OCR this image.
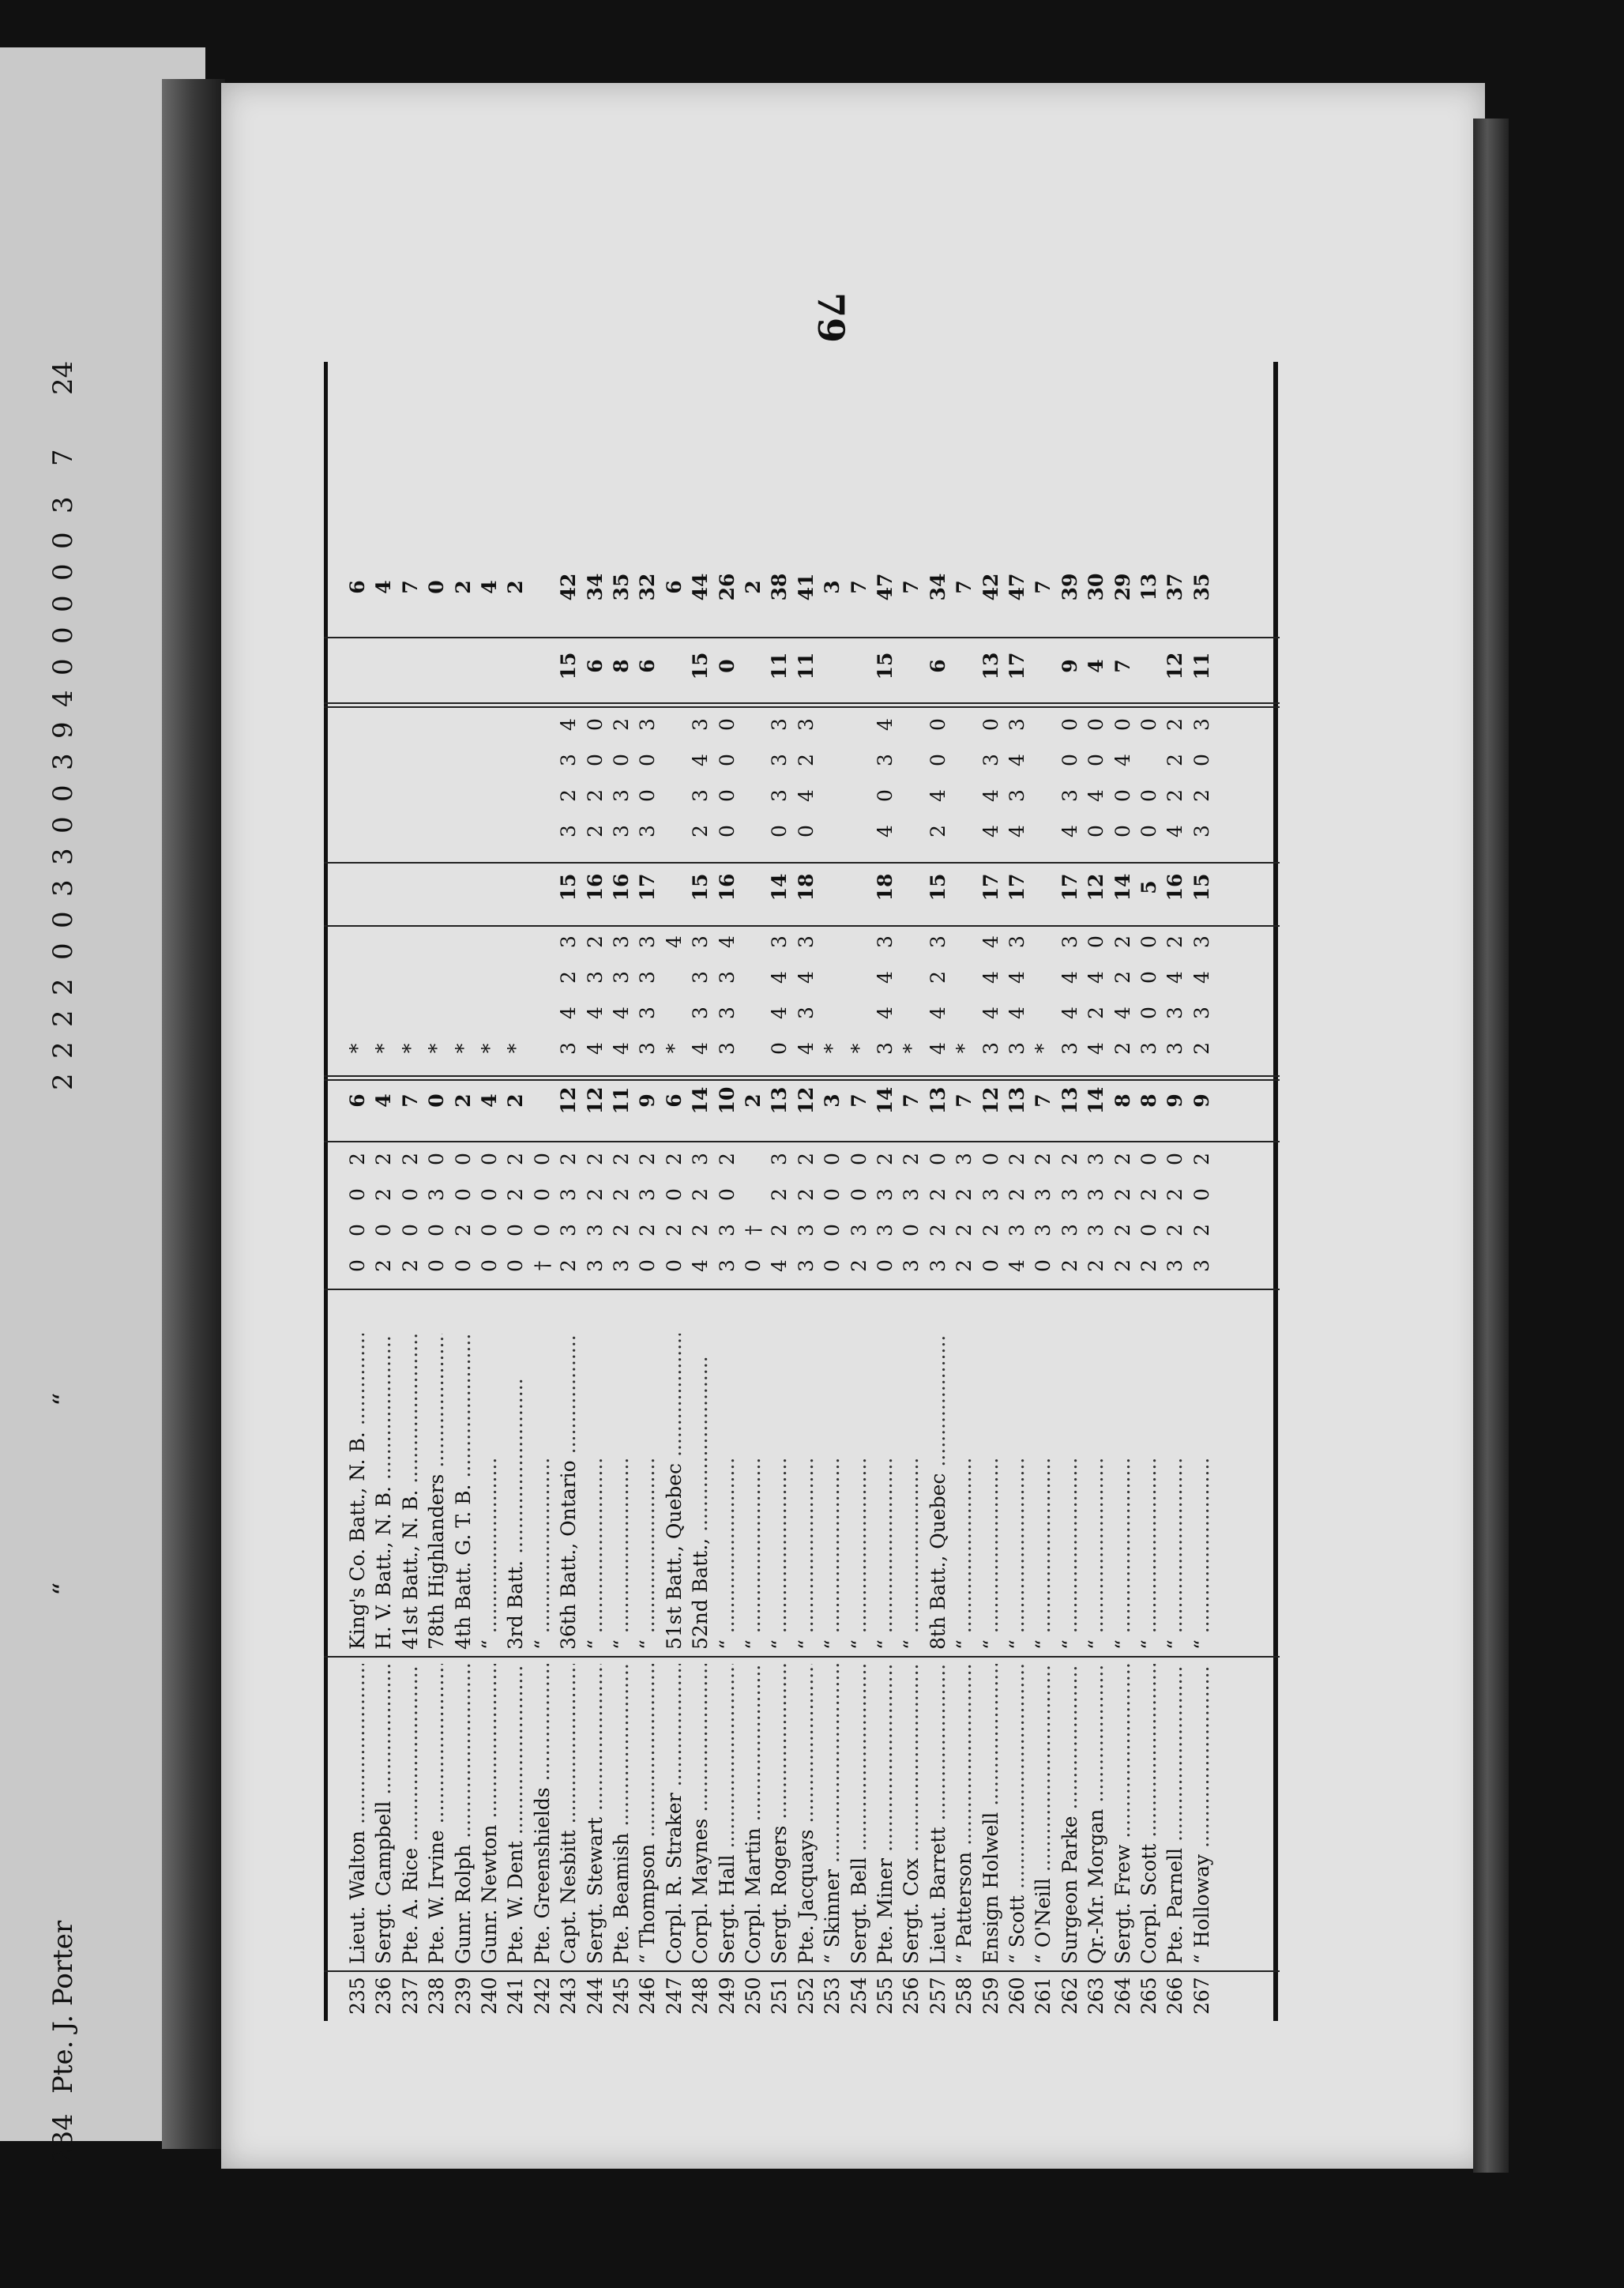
234
Pte. J. Porter
“
“
2
2
2
2
0
0
3
3
0
0
3
9
4
0
0
0
0
0
3
7
24
79
235
Lieut. Walton .....
King's Co. Batt., N. B. .....
0
0
0
2
6
*
6
236
Sergt. Campbell .....
H. V. Batt., N. B. .....
2
0
2
2
4
*
4
237
Pte. A. Rice .....
41st Batt., N. B. .....
2
0
0
2
7
*
7
238
Pte. W. Irvine .....
78th Highlanders .....
0
0
3
0
0
*
0
239
Gunr. Rolph .....
4th Batt. G. T. B. .....
0
2
0
0
2
*
2
240
Gunr. Newton .....
“ .....
0
0
0
0
4
*
4
241
Pte. W. Dent .....
3rd Batt. .....
0
0
2
2
2
*
2
242
Pte. Greenshields .....
“ .....
†
0
0
0
243
Capt. Nesbitt .....
36th Batt., Ontario .....
2
3
3
2
12
3
4
2
3
15
3
2
3
4
15
42
244
Sergt. Stewart .....
“ .....
3
3
2
2
12
4
4
3
2
16
2
2
0
0
6
34
245
Pte. Beamish .....
“ .....
3
2
2
2
11
4
4
3
3
16
3
3
0
2
8
35
246
“ Thompson .....
“ .....
0
2
3
2
9
3
3
3
3
17
3
0
0
3
6
32
247
Corpl. R. Straker .....
51st Batt., Quebec .....
0
2
0
2
6
*
4
6
248
Corpl. Maynes .....
52nd Batt., .....
4
2
2
3
14
4
3
3
3
15
2
3
4
3
15
44
249
Sergt. Hall .....
“ .....
3
3
0
2
10
3
3
3
4
16
0
0
0
0
0
26
250
Corpl. Martin .....
“ .....
0
†
2
2
251
Sergt. Rogers .....
“ .....
4
2
2
3
13
0
4
4
3
14
0
3
3
3
11
38
252
Pte. Jacquays .....
“ .....
3
3
2
2
12
4
3
4
3
18
0
4
2
3
11
41
253
“ Skinner .....
“ .....
0
0
0
0
3
*
3
254
Sergt. Bell .....
“ .....
2
3
0
0
7
*
7
255
Pte. Miner .....
“ .....
0
3
3
2
14
3
4
4
3
18
4
0
3
4
15
47
256
Sergt. Cox .....
“ .....
3
0
3
2
7
*
7
257
Lieut. Barrett .....
8th Batt., Quebec .....
3
2
2
0
13
4
4
2
3
15
2
4
0
0
6
34
258
“ Patterson .....
“ .....
2
2
2
3
7
*
7
259
Ensign Holwell .....
“ .....
0
2
3
0
12
3
4
4
4
17
4
4
3
0
13
42
260
“ Scott .....
“ .....
4
3
2
2
13
3
4
4
3
17
4
3
4
3
17
47
261
“ O'Neill .....
“ .....
0
3
3
2
7
*
7
262
Surgeon Parke .....
“ .....
2
3
3
2
13
3
4
4
3
17
4
3
0
0
9
39
263
Qr.-Mr. Morgan .....
“ .....
2
3
3
3
14
4
2
4
0
12
0
4
0
0
4
30
264
Sergt. Frew .....
“ .....
2
2
2
2
8
2
4
2
2
14
0
0
4
0
7
29
265
Corpl. Scott .....
“ .....
2
0
2
0
8
3
0
0
0
5
0
0
0
13
266
Pte. Parnell .....
“ .....
3
2
2
0
9
3
3
4
2
16
4
2
2
2
12
37
267
“ Holloway .....
“ .....
3
2
0
2
9
2
3
4
3
15
3
2
0
3
11
35
